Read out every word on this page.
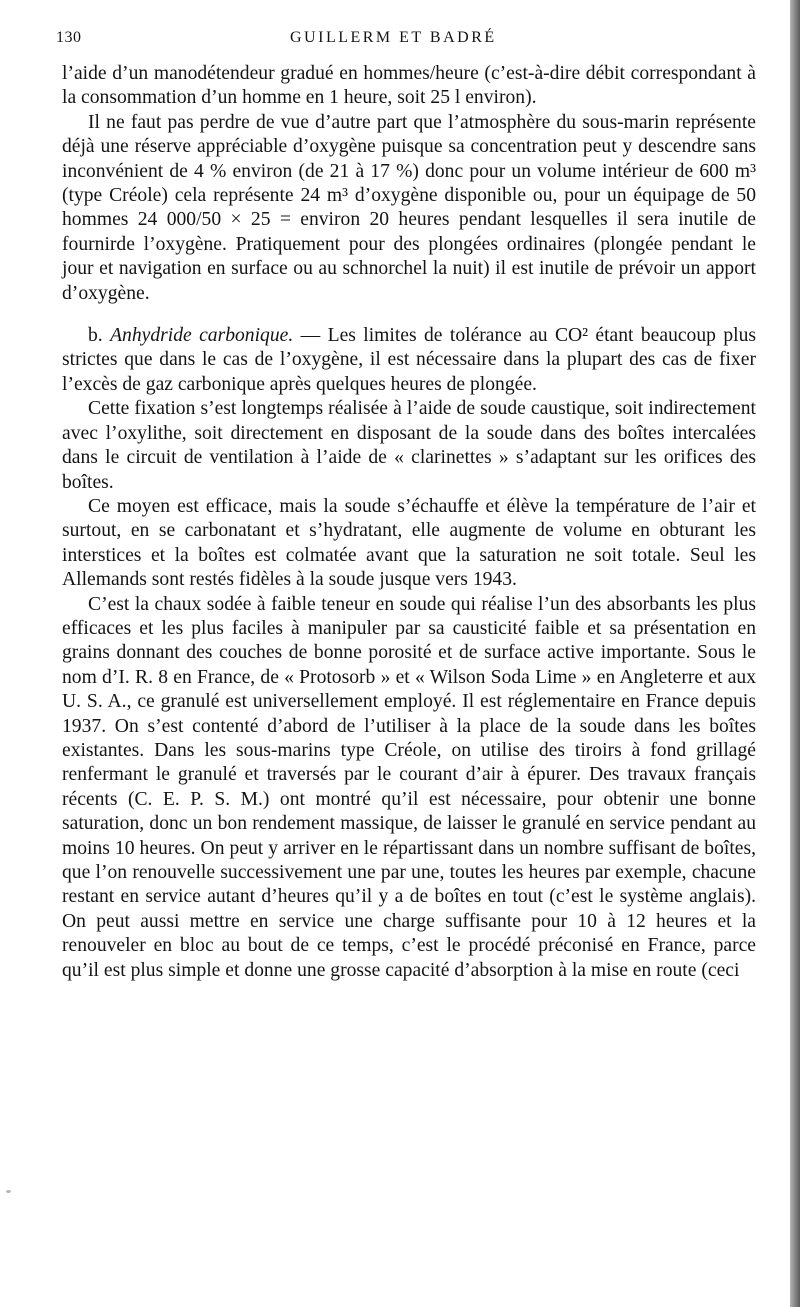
130	GUILLERM ET BADRÉ

l’aide d’un manodétendeur gradué en hommes/heure (c’est-à-dire débit correspondant à la consommation d’un homme en 1 heure, soit 25 l environ).

Il ne faut pas perdre de vue d’autre part que l’atmosphère du sous-marin représente déjà une réserve appréciable d’oxygène puisque sa concentration peut y descendre sans inconvénient de 4 % environ (de 21 à 17 %) donc pour un volume intérieur de 600 m³ (type Créole) cela représente 24 m³ d’oxygène disponible ou, pour un équipage de 50 hommes 24 000/50 × 25 = environ 20 heures pendant lesquelles il sera inutile de fournirde l’oxygène. Pratiquement pour des plongées ordinaires (plongée pendant le jour et navigation en surface ou au schnorchel la nuit) il est inutile de prévoir un apport d’oxygène.

b. Anhydride carbonique. — Les limites de tolérance au CO² étant beaucoup plus strictes que dans le cas de l’oxygène, il est nécessaire dans la plupart des cas de fixer l’excès de gaz carbonique après quelques heures de plongée.

Cette fixation s’est longtemps réalisée à l’aide de soude caustique, soit indirectement avec l’oxylithe, soit directement en disposant de la soude dans des boîtes intercalées dans le circuit de ventilation à l’aide de « clarinettes » s’adaptant sur les orifices des boîtes.

Ce moyen est efficace, mais la soude s’échauffe et élève la température de l’air et surtout, en se carbonatant et s’hydratant, elle augmente de volume en obturant les interstices et la boîtes est colmatée avant que la saturation ne soit totale. Seul les Allemands sont restés fidèles à la soude jusque vers 1943.

C’est la chaux sodée à faible teneur en soude qui réalise l’un des absorbants les plus efficaces et les plus faciles à manipuler par sa causticité faible et sa présentation en grains donnant des couches de bonne porosité et de surface active importante. Sous le nom d’I. R. 8 en France, de « Protosorb » et « Wilson Soda Lime » en Angleterre et aux U. S. A., ce granulé est universellement employé. Il est réglementaire en France depuis 1937. On s’est contenté d’abord de l’utiliser à la place de la soude dans les boîtes existantes. Dans les sous-marins type Créole, on utilise des tiroirs à fond grillagé renfermant le granulé et traversés par le courant d’air à épurer. Des travaux français récents (C. E. P. S. M.) ont montré qu’il est nécessaire, pour obtenir une bonne saturation, donc un bon rendement massique, de laisser le granulé en service pendant au moins 10 heures. On peut y arriver en le répartissant dans un nombre suffisant de boîtes, que l’on renouvelle successivement une par une, toutes les heures par exemple, chacune restant en service autant d’heures qu’il y a de boîtes en tout (c’est le système anglais). On peut aussi mettre en service une charge suffisante pour 10 à 12 heures et la renouveler en bloc au bout de ce temps, c’est le procédé préconisé en France, parce qu’il est plus simple et donne une grosse capacité d’absorption à la mise en route (ceci
